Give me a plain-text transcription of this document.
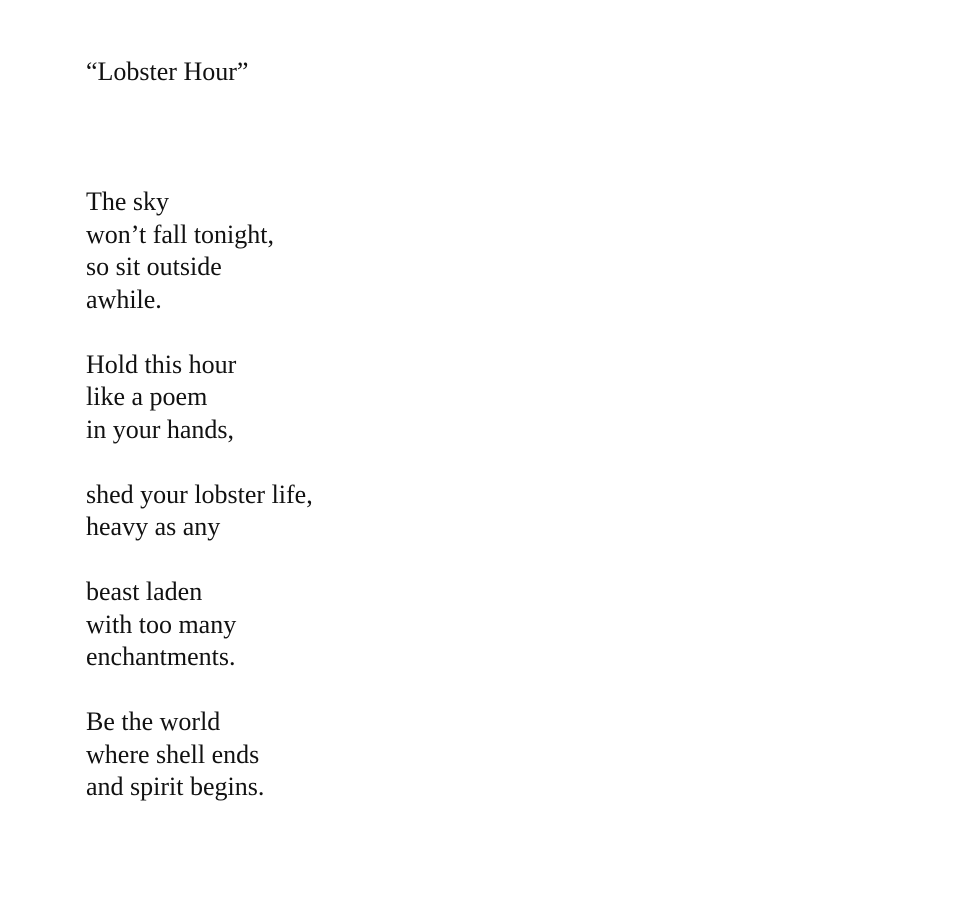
“Lobster Hour”
The sky
won’t fall tonight,
so sit outside
awhile.
Hold this hour
like a poem
in your hands,
shed your lobster life,
heavy as any
beast laden
with too many
enchantments.
Be the world
where shell ends
and spirit begins.
